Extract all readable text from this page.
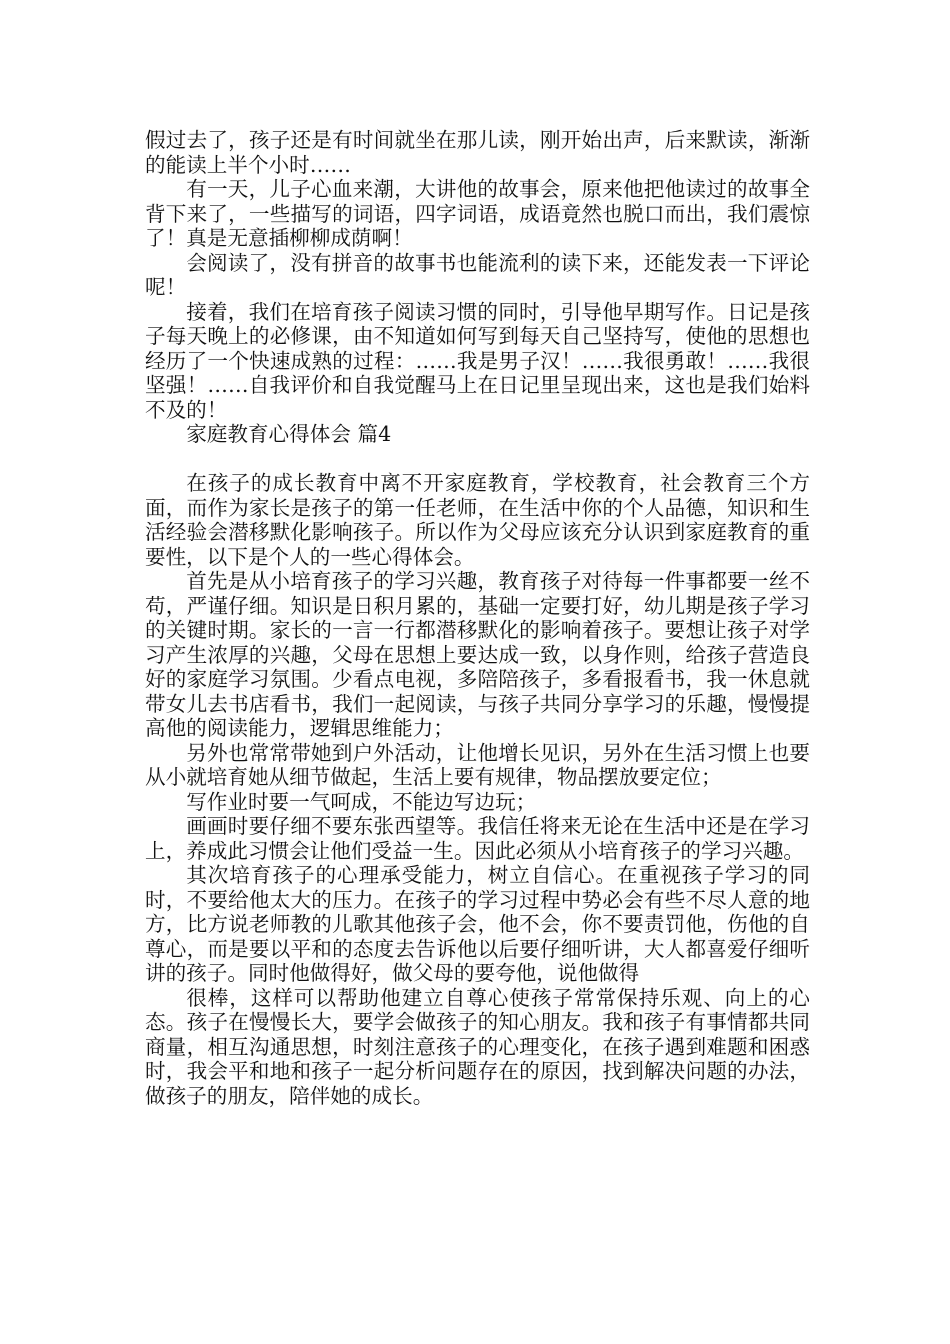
假过去了，孩子还是有时间就坐在那儿读，刚开始出声，后来默读，渐渐的能读上半个小时……

有一天，儿子心血来潮，大讲他的故事会，原来他把他读过的故事全背下来了，一些描写的词语，四字词语，成语竟然也脱口而出，我们震惊了！真是无意插柳柳成荫啊！

会阅读了，没有拼音的故事书也能流利的读下来，还能发表一下评论呢！

接着，我们在培育孩子阅读习惯的同时，引导他早期写作。日记是孩子每天晚上的必修课，由不知道如何写到每天自己坚持写，使他的思想也经历了一个快速成熟的过程：……我是男子汉！……我很勇敢！……我很坚强！……自我评价和自我觉醒马上在日记里呈现出来，这也是我们始料不及的！

家庭教育心得体会 篇4

在孩子的成长教育中离不开家庭教育，学校教育，社会教育三个方面，而作为家长是孩子的第一任老师，在生活中你的个人品德，知识和生活经验会潜移默化影响孩子。所以作为父母应该充分认识到家庭教育的重要性，以下是个人的一些心得体会。

首先是从小培育孩子的学习兴趣，教育孩子对待每一件事都要一丝不苟，严谨仔细。知识是日积月累的，基础一定要打好，幼儿期是孩子学习的关键时期。家长的一言一行都潜移默化的影响着孩子。要想让孩子对学习产生浓厚的兴趣，父母在思想上要达成一致，以身作则，给孩子营造良好的家庭学习氛围。少看点电视，多陪陪孩子，多看报看书，我一休息就带女儿去书店看书，我们一起阅读，与孩子共同分享学习的乐趣，慢慢提高他的阅读能力，逻辑思维能力；

另外也常常带她到户外活动，让他增长见识，另外在生活习惯上也要从小就培育她从细节做起，生活上要有规律，物品摆放要定位；

写作业时要一气呵成，不能边写边玩；

画画时要仔细不要东张西望等。我信任将来无论在生活中还是在学习上，养成此习惯会让他们受益一生。因此必须从小培育孩子的学习兴趣。

其次培育孩子的心理承受能力，树立自信心。在重视孩子学习的同时，不要给他太大的压力。在孩子的学习过程中势必会有些不尽人意的地方，比方说老师教的儿歌其他孩子会，他不会，你不要责罚他，伤他的自尊心，而是要以平和的态度去告诉他以后要仔细听讲，大人都喜爱仔细听讲的孩子。同时他做得好，做父母的要夸他，说他做得

很棒，这样可以帮助他建立自尊心使孩子常常保持乐观、向上的心态。孩子在慢慢长大，要学会做孩子的知心朋友。我和孩子有事情都共同商量，相互沟通思想，时刻注意孩子的心理变化，在孩子遇到难题和困惑时，我会平和地和孩子一起分析问题存在的原因，找到解决问题的办法，做孩子的朋友，陪伴她的成长。
